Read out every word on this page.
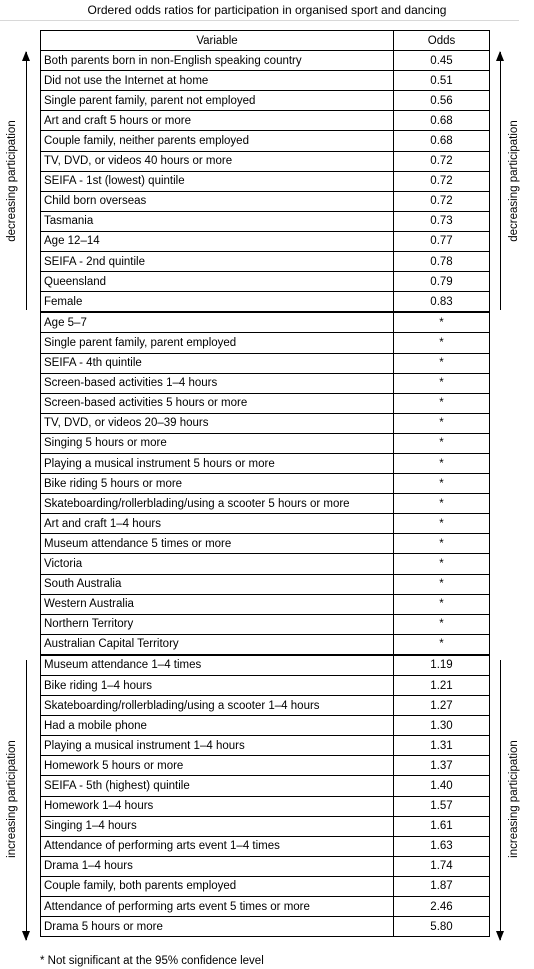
Ordered odds ratios for participation in organised sport and dancing
Variable	Odds
Both parents born in non-English speaking country	0.45
Did not use the Internet at home	0.51
Single parent family, parent not employed	0.56
Art and craft 5 hours or more	0.68
Couple family, neither parents employed	0.68
TV, DVD, or videos 40 hours or more	0.72
SEIFA - 1st (lowest) quintile	0.72
Child born overseas	0.72
Tasmania	0.73
Age 12–14	0.77
SEIFA - 2nd quintile	0.78
Queensland	0.79
Female	0.83
Age 5–7	*
Single parent family, parent employed	*
SEIFA - 4th quintile	*
Screen-based activities 1–4 hours	*
Screen-based activities 5 hours or more	*
TV, DVD, or videos 20–39 hours	*
Singing 5 hours or more	*
Playing a musical instrument 5 hours or more	*
Bike riding 5 hours or more	*
Skateboarding/rollerblading/using a scooter 5 hours or more	*
Art and craft 1–4 hours	*
Museum attendance 5 times or more	*
Victoria	*
South Australia	*
Western Australia	*
Northern Territory	*
Australian Capital Territory	*
Museum attendance 1–4 times	1.19
Bike riding 1–4 hours	1.21
Skateboarding/rollerblading/using a scooter 1–4 hours	1.27
Had a mobile phone	1.30
Playing a musical instrument 1–4 hours	1.31
Homework 5 hours or more	1.37
SEIFA - 5th (highest) quintile	1.40
Homework 1–4 hours	1.57
Singing 1–4 hours	1.61
Attendance of performing arts event 1–4 times	1.63
Drama 1–4 hours	1.74
Couple family, both parents employed	1.87
Attendance of performing arts event 5 times or more	2.46
Drama 5 hours or more	5.80
decreasing participation	decreasing participation
increasing participation	increasing participation
* Not significant at the 95% confidence level
